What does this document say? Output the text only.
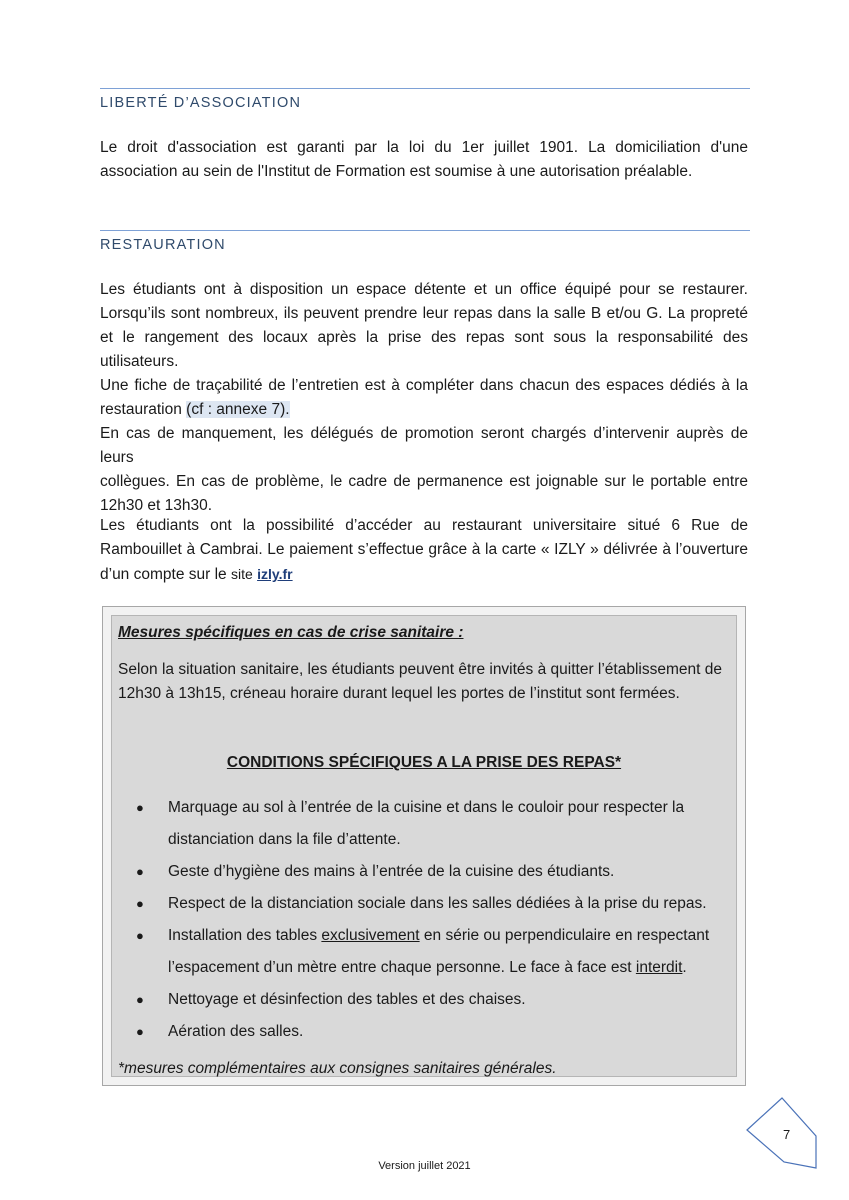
LIBERTÉ D’ASSOCIATION
Le droit d'association est garanti par la loi du 1er juillet 1901. La domiciliation d'une
association au sein de l'Institut de Formation est soumise à une autorisation préalable.
RESTAURATION
Les étudiants ont à disposition un espace détente et un office équipé pour se restaurer.
Lorsqu’ils sont nombreux, ils peuvent prendre leur repas dans la salle B et/ou G. La propreté
et le rangement des locaux après la prise des repas sont sous la responsabilité des utilisateurs.
Une fiche de traçabilité de l’entretien est à compléter dans chacun des espaces dédiés à la
restauration (cf : annexe 7).
En cas de manquement, les délégués de promotion seront chargés d’intervenir auprès de leurs
collègues. En cas de problème, le cadre de permanence est joignable sur le portable entre
12h30 et 13h30.
Les étudiants ont la possibilité d’accéder au restaurant universitaire situé 6 Rue de
Rambouillet à Cambrai. Le paiement s’effectue grâce à la carte « IZLY » délivrée à l’ouverture
d’un compte sur le site izly.fr
Mesures spécifiques en cas de crise sanitaire :
Selon la situation sanitaire, les étudiants peuvent être invités à quitter l’établissement de
12h30 à 13h15, créneau horaire durant lequel les portes de l’institut sont fermées.
CONDITIONS SPÉCIFIQUES A LA PRISE DES REPAS*
● Marquage au sol à l’entrée de la cuisine et dans le couloir pour respecter la
distanciation dans la file d’attente.
● Geste d’hygiène des mains à l’entrée de la cuisine des étudiants.
● Respect de la distanciation sociale dans les salles dédiées à la prise du repas.
● Installation des tables exclusivement en série ou perpendiculaire en respectant
l’espacement d’un mètre entre chaque personne. Le face à face est interdit.
● Nettoyage et désinfection des tables et des chaises.
● Aération des salles.
*mesures complémentaires aux consignes sanitaires générales.
7
Version juillet 2021
